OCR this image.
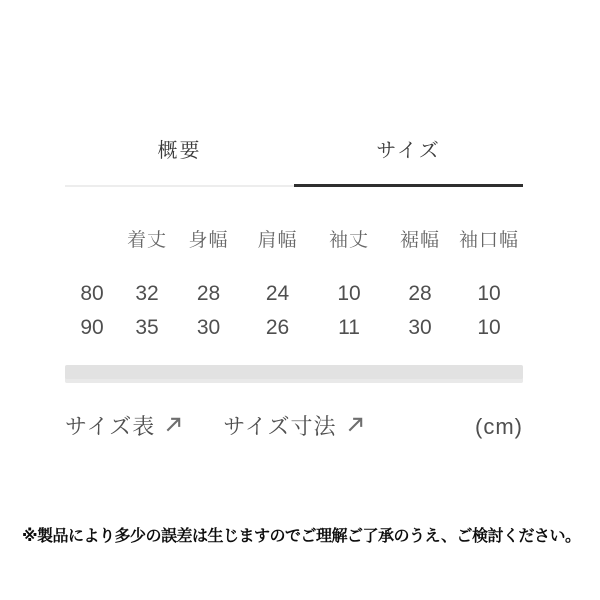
概要	サイズ
	着丈	身幅	肩幅	袖丈	裾幅	袖口幅
80	32	28	24	10	28	10
90	35	30	26	11	30	10
サイズ表	サイズ寸法	(cm)
※製品により多少の誤差は生じますのでご理解ご了承のうえ、ご検討ください。
